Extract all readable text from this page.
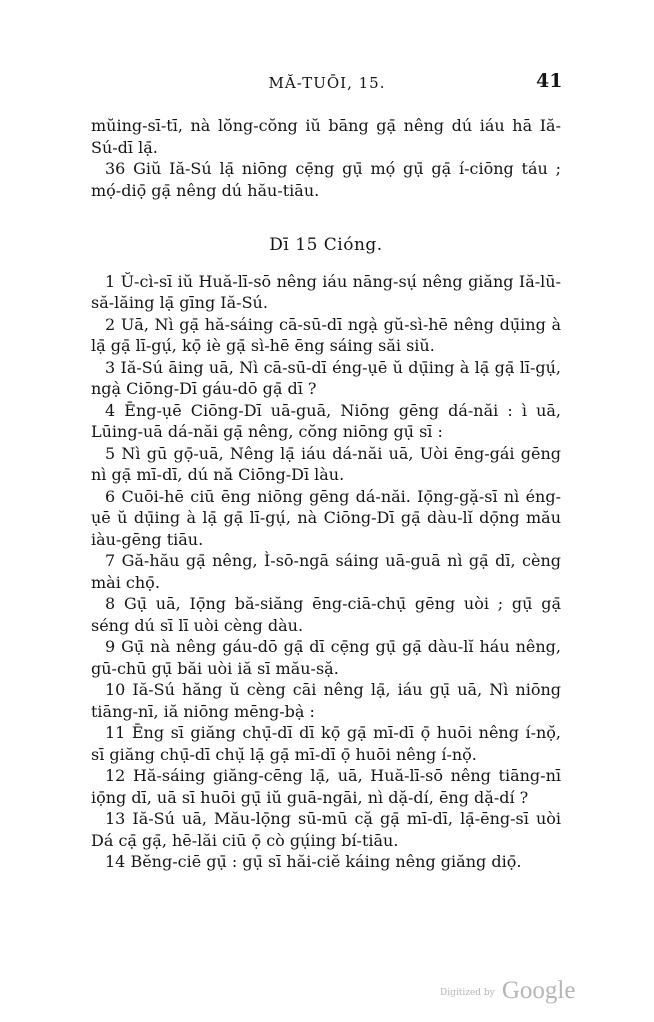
MĂ-TUŌI, 15.	41

mŭing-sī-tī, nà lŏng-cŏng iŭ bāng gạ̄ nêng dú iáu hā Iă-Sú-dī lạ̄.

36 Giŭ Iă-Sú lạ̄ niōng cẹ̄ng gụ̄ mọ́ gụ̄ gạ̄ í-ciōng táu ; mọ́-diọ̄ gạ̄ nêng dú hău-tiāu.

Dī 15 Cióng.

1 Ŭ-cì-sī iŭ Huă-lī-sō nêng iáu nāng-sụ́ nêng giăng Iă-lū-să-lăing lạ̄ gīng Iă-Sú.

2 Uā, Nì gạ̄ hă-sáing cā-sū-dī ngạ̀ gŭ-sì-hē nêng dụ̄ing à lạ̄ gạ̄ lī-gụ́, kọ̄ iè gạ̄ sì-hē ēng sáing săi siŭ.

3 Iă-Sú āing uā, Nì cā-sū-dī éng-ụē ŭ dụ̄ing à lạ̄ gạ̄ lī-gụ́, ngạ̀ Ciōng-Dī gáu-dō gạ̄ dī ?

4 Ēng-ụē Ciōng-Dī uā-guā, Niōng gēng dá-năi : ì uā, Lūing-uā dá-năi gạ̄ nêng, cŏng niōng gụ̄ sī :

5 Nì gū gọ̄-uā, Nêng lạ̄ iáu dá-năi uā, Uòi ēng-gái gēng nì gạ̄ mī-dī, dú nă Ciōng-Dī làu.

6 Cuōi-hē ciū ēng niōng gēng dá-năi. Iọ̄ng-gặ-sī nì éng-ụē ŭ dụ̄ing à lạ̄ gạ̄ lī-gụ́, nà Ciōng-Dī gạ̄ dàu-lĭ dọ̄ng mău iàu-gēng tiāu.

7 Gă-hău gạ̄ nêng, Ì-sō-ngā sáing uā-guā nì gạ̄ dī, cèng mài chọ̄.

8 Gụ̄ uā, Iọ̄ng bă-siăng ēng-ciā-chụ̄ gēng uòi ; gụ̄ gạ̄ séng dú sī lī uòi cèng dàu.

9 Gụ̄ nà nêng gáu-dō gạ̄ dī cẹ̄ng gụ̄ gạ̄ dàu-lĭ háu nêng, gū-chū gụ̄ băi uòi iă sī mău-sặ.

10 Iă-Sú hăng ŭ cèng cāi nêng lạ̄, iáu gụ̄ uā, Nì niōng tiāng-nī, iă niōng mēng-bạ̀ :

11 Ēng sī giăng chụ̄-dī dī kọ̄ gạ̄ mī-dī ọ̄ huōi nêng í-nọ̆, sī giăng chụ̄-dī chụ̆ lạ̄ gạ̄ mī-dī ọ̄ huōi nêng í-nọ̆.

12 Hă-sáing giăng-cēng lạ̄, uā, Huă-lī-sō nêng tiāng-nī iọ̄ng dī, uā sī huōi gụ̄ iŭ guā-ngāi, nì dặ-dí, ēng dặ-dí ?

13 Iă-Sú uā, Mău-lọ̄ng sū-mū cặ gạ̄ mī-dī, lạ̄-ēng-sī uòi Dá cạ̄ gạ̄, hē-lăi ciū ọ̄ cò gụ́ing bí-tiāu.

14 Bĕng-ciē gụ̄ : gụ̄ sī hăi-ciĕ káing nêng giăng diọ̄.

Digitized by Google
